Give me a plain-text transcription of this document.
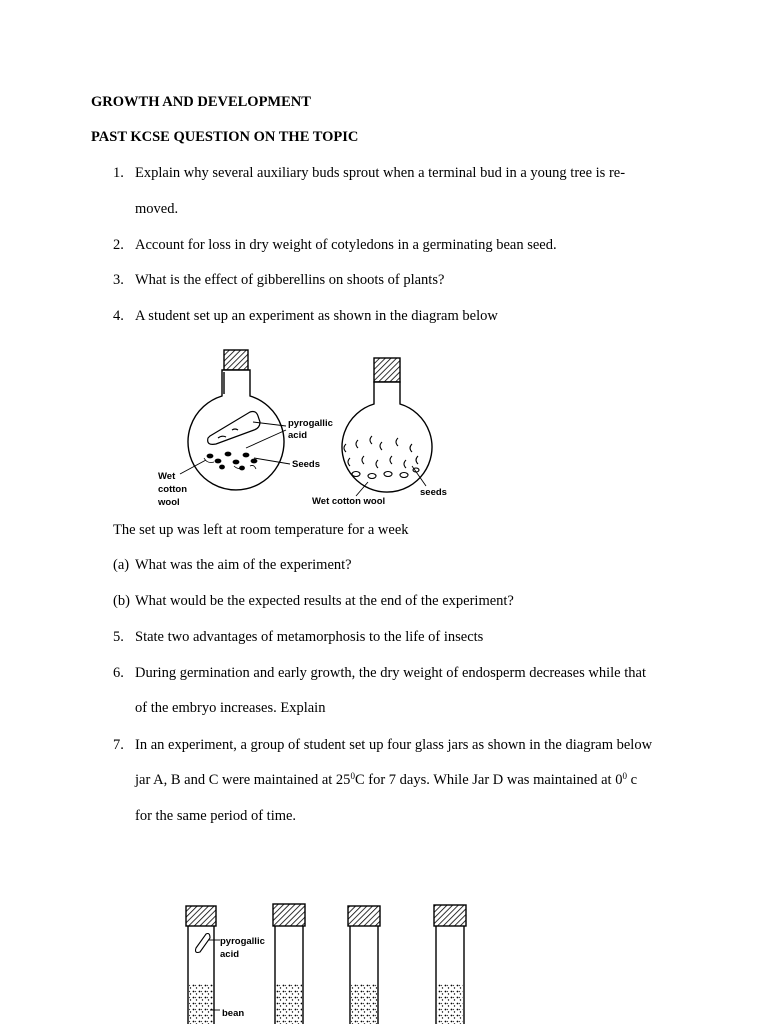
GROWTH AND DEVELOPMENT
PAST KCSE QUESTION ON THE TOPIC
1. Explain why several auxiliary buds sprout when a terminal bud in a young tree is re-
moved.
2. Account for loss in dry weight of cotyledons in a germinating bean seed.
3. What is the effect of gibberellins on shoots of plants?
4. A student set up an experiment as shown in the diagram below
pyrogallic
acid
Seeds
Wet
cotton
wool	Wet cotton wool
seeds
The set up was left at room temperature for a week
(a) What was the aim of the experiment?
(b) What would be the expected results at the end of the experiment?
5. State two advantages of metamorphosis to the life of insects
6. During germination and early growth, the dry weight of endosperm decreases while that
of the embryo increases. Explain
7. In an experiment, a group of student set up four glass jars as shown in the diagram below
jar A, B and C were maintained at $25^0C$ for 7 days. While Jar D was maintained at $0^0$ c
for the same period of time.
pyrogallic
acid
bean
